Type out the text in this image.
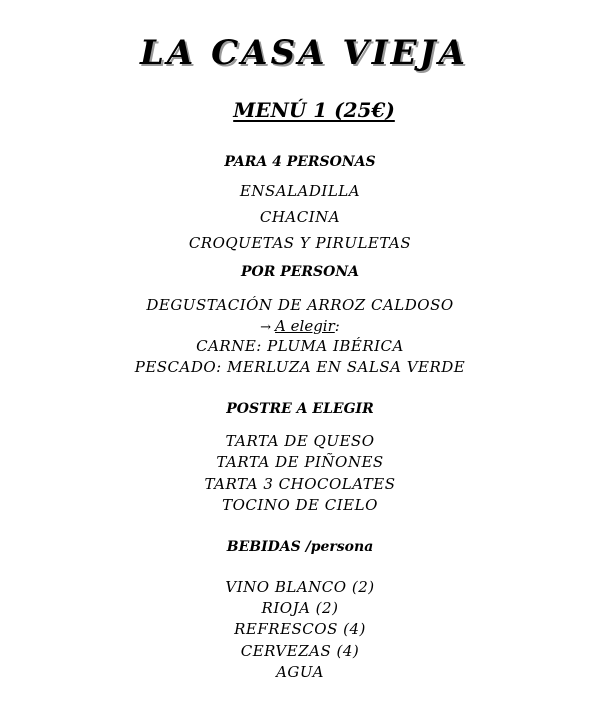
LA CASA VIEJA
MENÚ 1 (25€)
PARA 4 PERSONAS
ENSALADILLA
CHACINA
CROQUETAS Y PIRULETAS
POR PERSONA
DEGUSTACIÓN DE ARROZ CALDOSO
→ A elegir:
CARNE: PLUMA IBÉRICA
PESCADO: MERLUZA EN SALSA VERDE
POSTRE A ELEGIR
TARTA DE QUESO
TARTA DE PIÑONES
TARTA 3 CHOCOLATES
TOCINO DE CIELO
BEBIDAS /persona
VINO BLANCO (2)
RIOJA (2)
REFRESCOS (4)
CERVEZAS (4)
AGUA
